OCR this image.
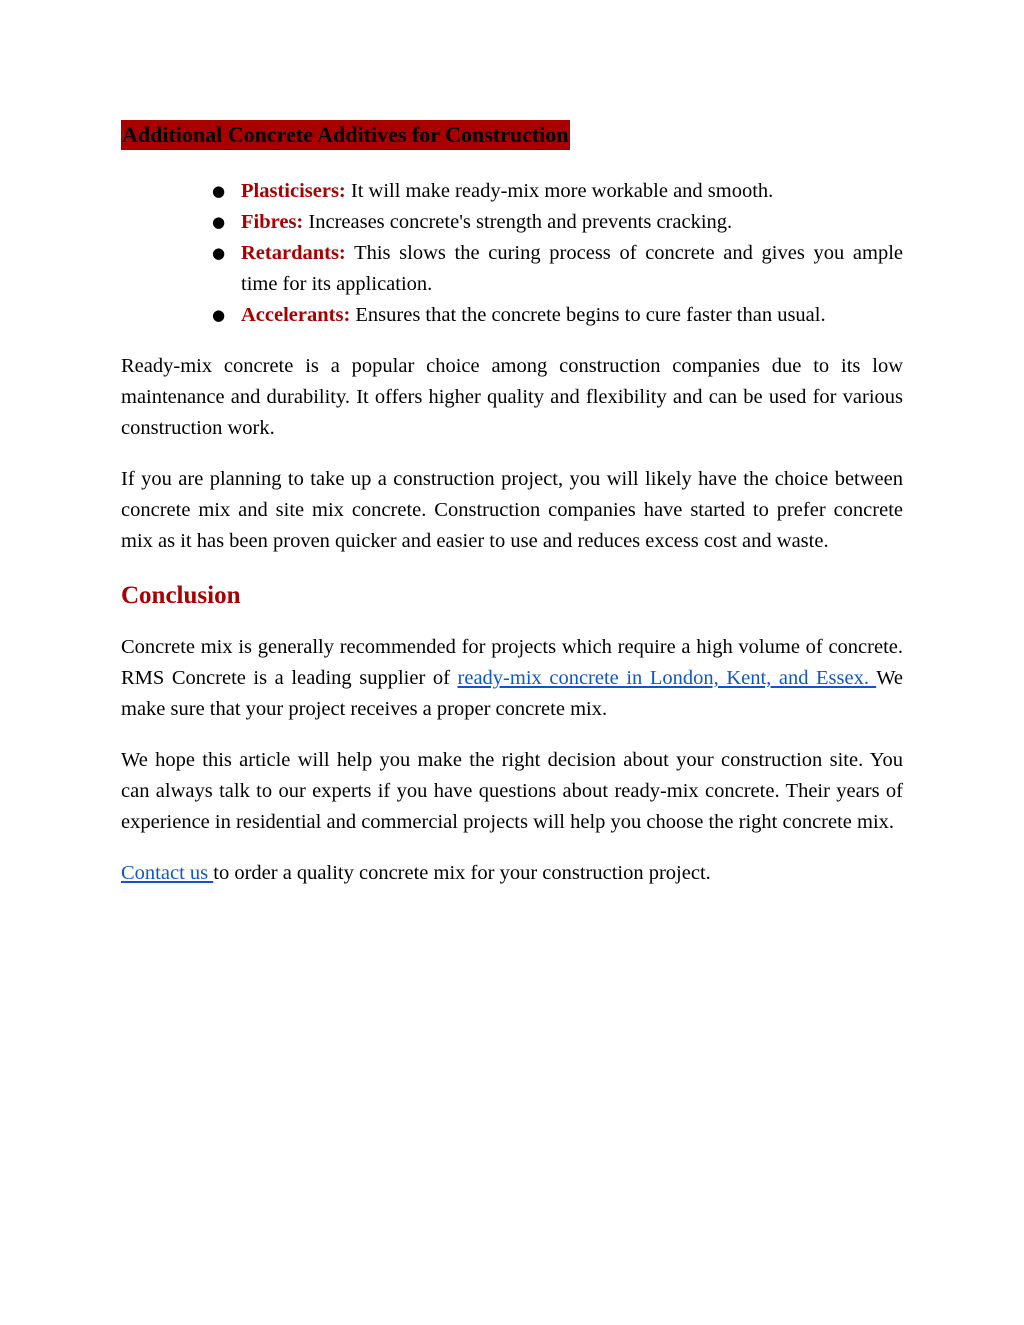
Additional Concrete Additives for Construction
● Plasticisers: It will make ready-mix more workable and smooth.
● Fibres: Increases concrete's strength and prevents cracking.
● Retardants: This slows the curing process of concrete and gives you ample time for its application.
● Accelerants: Ensures that the concrete begins to cure faster than usual.

Ready-mix concrete is a popular choice among construction companies due to its low maintenance and durability. It offers higher quality and flexibility and can be used for various construction work.

If you are planning to take up a construction project, you will likely have the choice between concrete mix and site mix concrete. Construction companies have started to prefer concrete mix as it has been proven quicker and easier to use and reduces excess cost and waste.

Conclusion

Concrete mix is generally recommended for projects which require a high volume of concrete. RMS Concrete is a leading supplier of ready-mix concrete in London, Kent, and Essex. We make sure that your project receives a proper concrete mix.

We hope this article will help you make the right decision about your construction site. You can always talk to our experts if you have questions about ready-mix concrete. Their years of experience in residential and commercial projects will help you choose the right concrete mix.

Contact us to order a quality concrete mix for your construction project.
